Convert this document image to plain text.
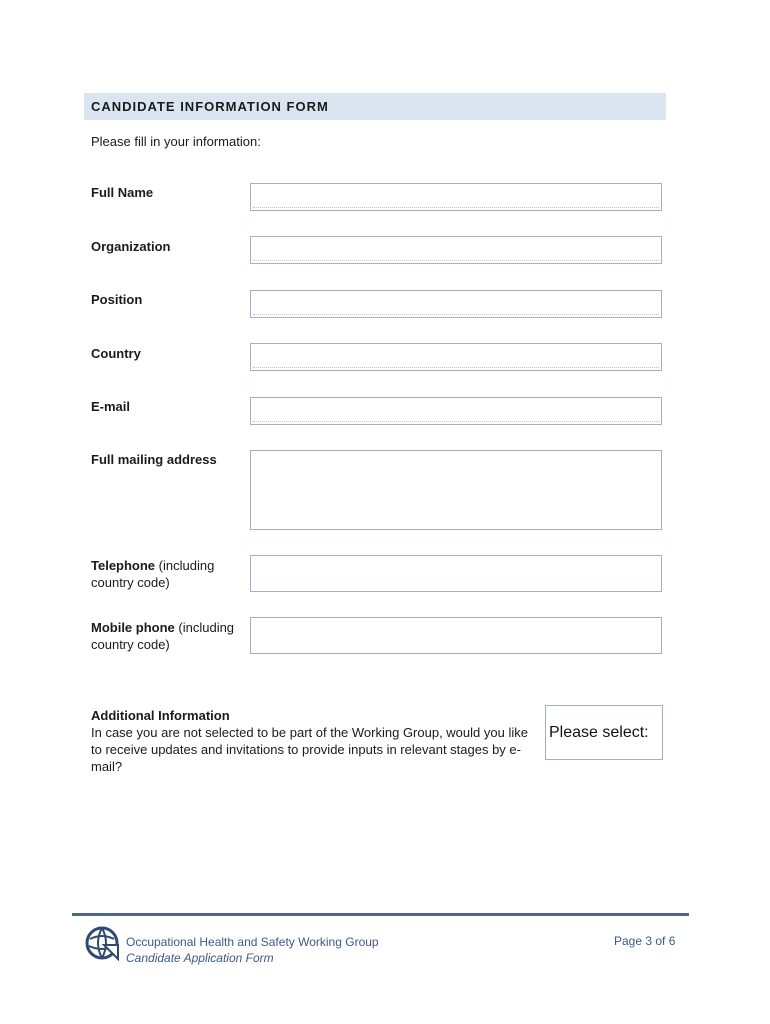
CANDIDATE INFORMATION FORM
Please fill in your information:
Full Name
Organization
Position
Country
E-mail
Full mailing address
Telephone (including country code)
Mobile phone (including country code)
Additional Information
In case you are not selected to be part of the Working Group, would you like to receive updates and invitations to provide inputs in relevant stages by e-mail?
Please select:
Occupational Health and Safety Working Group
Candidate Application Form
Page 3 of 6
